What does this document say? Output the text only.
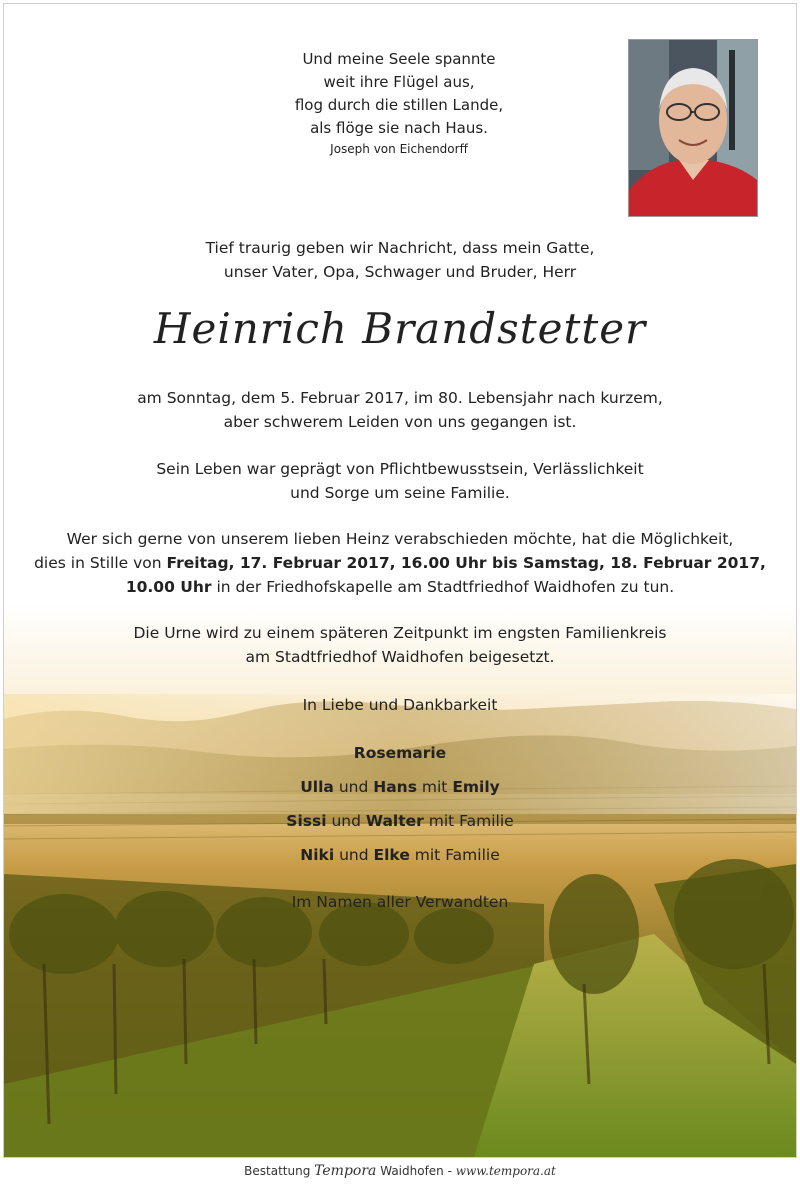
Und meine Seele spannte
weit ihre Flügel aus,
flog durch die stillen Lande,
als flöge sie nach Haus.
Joseph von Eichendorff
Tief traurig geben wir Nachricht, dass mein Gatte,
unser Vater, Opa, Schwager und Bruder, Herr
Heinrich Brandstetter
am Sonntag, dem 5. Februar 2017, im 80. Lebensjahr nach kurzem,
aber schwerem Leiden von uns gegangen ist.
Sein Leben war geprägt von Pflichtbewusstsein, Verlässlichkeit
und Sorge um seine Familie.
Wer sich gerne von unserem lieben Heinz verabschieden möchte, hat die Möglichkeit,
dies in Stille von Freitag, 17. Februar 2017, 16.00 Uhr bis Samstag, 18. Februar 2017,
10.00 Uhr in der Friedhofskapelle am Stadtfriedhof Waidhofen zu tun.
Die Urne wird zu einem späteren Zeitpunkt im engsten Familienkreis
am Stadtfriedhof Waidhofen beigesetzt.
In Liebe und Dankbarkeit
Rosemarie
Ulla und Hans mit Emily
Sissi und Walter mit Familie
Niki und Elke mit Familie
Im Namen aller Verwandten
Bestattung Tempora Waidhofen - www.tempora.at
